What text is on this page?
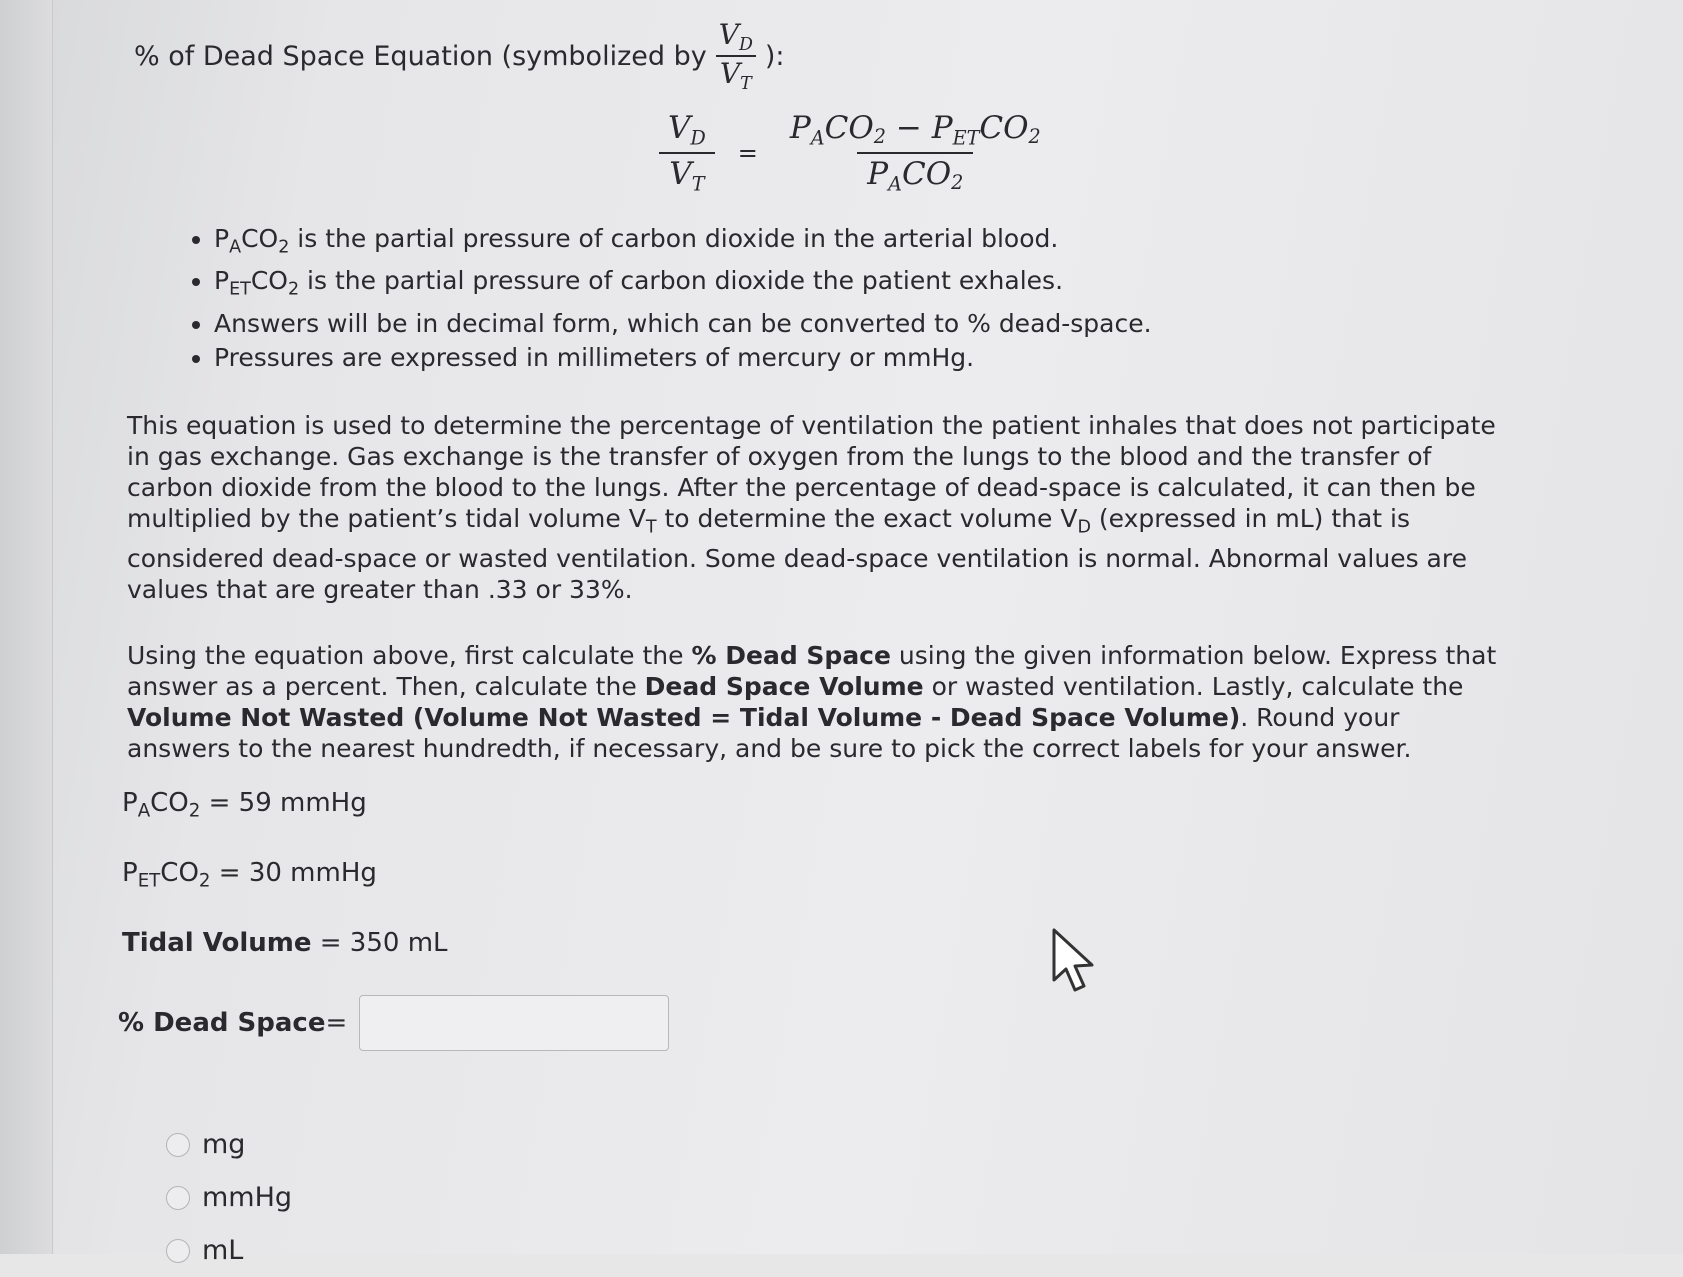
% of Dead Space Equation (symbolized by $\frac{V_D}{V_T}$ ):
$\frac{V_D}{V_T} = \frac{P_ACO2 - P_{ET}CO2}{P_ACO2}$
• $P_ACO_2$ is the partial pressure of carbon dioxide in the arterial blood.
• $P_{ET}CO_2$ is the partial pressure of carbon dioxide the patient exhales.
• Answers will be in decimal form, which can be converted to % dead-space.
• Pressures are expressed in millimeters of mercury or mmHg.
This equation is used to determine the percentage of ventilation the patient inhales that does not participate in gas exchange. Gas exchange is the transfer of oxygen from the lungs to the blood and the transfer of carbon dioxide from the blood to the lungs. After the percentage of dead-space is calculated, it can then be multiplied by the patient’s tidal volume $V_T$ to determine the exact volume $V_D$ (expressed in mL) that is considered dead-space or wasted ventilation. Some dead-space ventilation is normal. Abnormal values are values that are greater than .33 or 33%.
Using the equation above, first calculate the % Dead Space using the given information below. Express that answer as a percent. Then, calculate the Dead Space Volume or wasted ventilation. Lastly, calculate the Volume Not Wasted (Volume Not Wasted = Tidal Volume - Dead Space Volume). Round your answers to the nearest hundredth, if necessary, and be sure to pick the correct labels for your answer.
$P_ACO_2 = 59$ mmHg
$P_{ET}CO_2 = 30$ mmHg
Tidal Volume = 350 mL
% Dead Space =
mg
mmHg
mL
